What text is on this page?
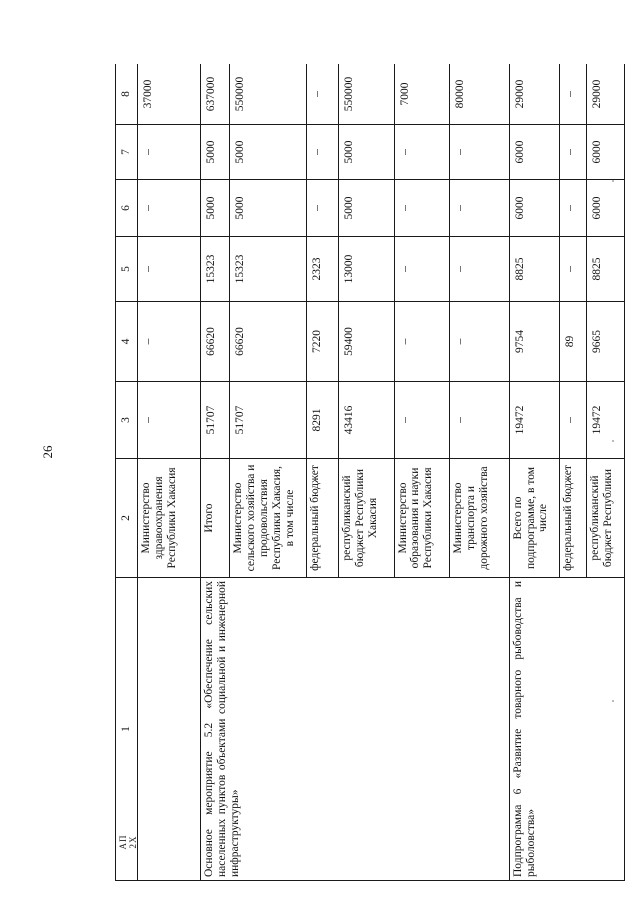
26
АП 2Х
1	2	3	4	5	6	7	8
	Министерство здравоохранения Республики Хакасия	–	–	–	–	–	37000
Основное мероприятие 5.2 «Обеспечение сельских населенных пунктов объектами социальной и инженерной инфраструктуры»	Итого	51707	66620	15323	5000	5000	637000
	Министерство сельского хозяйства и продовольствия Республики Хакасия, в том числе	51707	66620	15323	5000	5000	550000
	федеральный бюджет	8291	7220	2323	–	–	–
	республиканский бюджет Республики Хакасия	43416	59400	13000	5000	5000	550000
	Министерство образования и науки Республики Хакасия	–	–	–	–	–	7000
	Министерство транспорта и дорожного хозяйства	–	–	–	–	–	80000
Подпрограмма 6 «Развитие товарного рыбоводства и рыболовства»	Всего по подпрограмме, в том числе	19472	9754	8825	6000	6000	29000
	федеральный бюджет	–	89	–	–	–	–
	республиканский бюджет Республики	19472	9665	8825	6000	6000	29000
